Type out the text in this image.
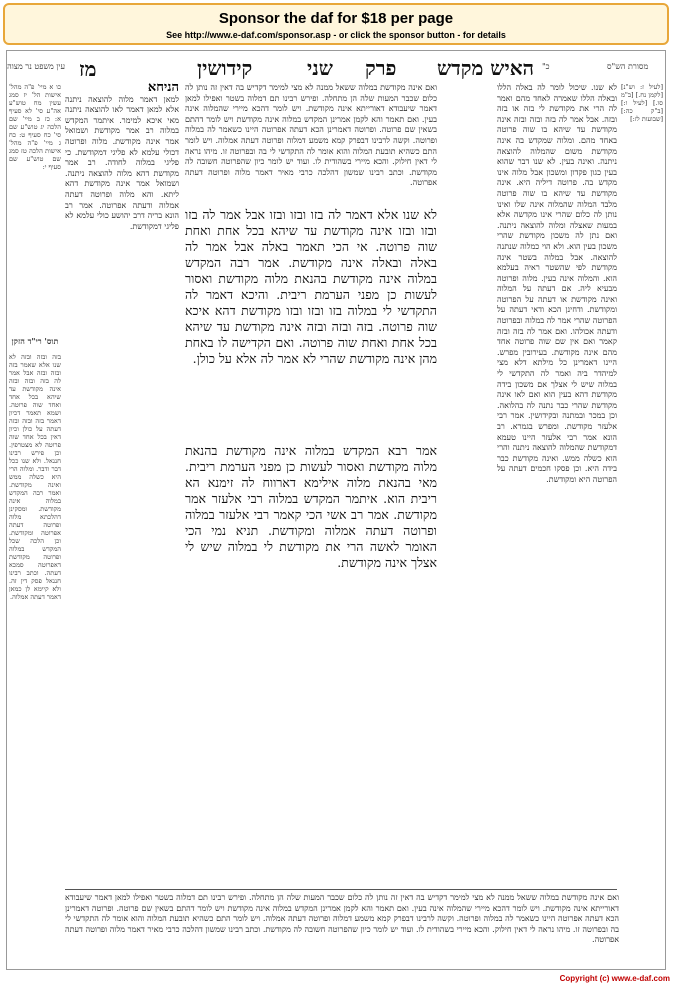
Sponsor the daf for $18 per page
See http://www.e-daf.com/sponsor.asp - or click the sponsor button - for details
עין משפט נר מצוה מז	קידושין	שני פרק האיש מקדש כ"	מסורת הש"ס
[לעיל ז: וש"נ] [לקמן נח.] [ב"מ סו.] [לעיל ו:] [ב"ק כה:] [שבועות לז:]
לא שנו. שיכול לומר לה באלה הללו ובאלה הללו שאמרה לאחד מהם ואמר לה הרי את מקודשת לי בזה או בזה ובזה. אבל אמר לה בזה ובזה ובזה אינה מקודשת עד שיהא בו שוה פרוטה באחד מהם. ומלוה שמקדש בה אינה מקודשת משום שהמלוה להוצאה ניתנה. ואינה בעין. לא שנו דבר שהוא בעין כגון פקדון ומשכון אבל מלוה אינו מקדש בה. פרוטה דיליה היא. אינה מקודשת עד שיהא בו שוה פרוטה מלבד המלוה שהמלוה אינה שלו ואינו נותן לה כלום שהרי אינו מקדשה אלא במעות שאצלה ומלוה להוצאה ניתנה. ואם נתן לה משכון מקודשת שהרי משכון בעין הוא. ולא הוי כמלוה שנתנה להוצאה. אבל במלוה בשטר אינה מקודשת לפי שהשטר ראיה בעלמא הוא. והמלוה אינה בעין. מלוה ופרוטה מבעיא ליה. אם דעתה על המלוה ואינה מקודשת או דעתה על הפרוטה ומקודשת. ודחינן הכא ודאי דעתה על הפרוטה שהרי אמר לה במלוה ובפרוטה ודעתה אכולהו. ואם אמר לה בזה ובזה קאמר ואם אין שם שוה פרוטה אחד מהם אינה מקודשת. בעירובין מפרש. היינו דאמרינן כל מילתא דלא מצי למיהדר ביה ואמר לה התקדשי לי במלוה שיש לי אצלך אם משכון בידה מקודשת דהא בעין הוא ואם לאו אינה מקודשת שהרי כבר נתנה לה בהלואה. וכן במכר ובמתנה ובקידושין. אמר רבי אלעזר מקודשת. ומפרש בגמרא. רב הונא אמר רבי אלעזר היינו טעמא דמקודשת שהמלוה להוצאה ניתנה והרי הוא כשלה ממש. ואינה מקודשת כבר בידה היא. וכן פסקו חכמים דעתה על הפרוטה היא ומקודשת.
ואם אינה מקודשת במלוה ששאל ממנה לא מצי למימר דקדיש בה דאין זה נותן לה כלום שכבר המעות שלה הן מתחלה. ופירש רבינו תם דמלוה בשטר ואפילו למאן דאמר שיעבודא דאורייתא אינה מקודשת. ויש לומר דהכא מיירי שהמלוה אינה בעין. ואם תאמר והא לקמן אמרינן המקדש במלוה אינה מקודשת ויש לומר דהתם בשאין שם פרוטה. ופרוטה דאמרינן הכא דעתה אפרוטה היינו כשאמר לה במלוה ופרוטה. וקשה לרבינו דבפרק קמא משמע דמלוה ופרוטה דעתה אמלוה. ויש לומר התם כשהיא תובעת המלוה והוא אומר לה התקדשי לי בה ובפרוטה זו. מיהו נראה לי דאין חילוק. והכא מיירי בשהודית לו. ועוד יש לומר כיון שהפרוטה חשובה לה מקודשת. וכתב רבינו שמשון דהלכה כרבי מאיר דאמר מלוה ופרוטה דעתה אפרוטה.
לא שנו אלא דאמר לה בזו ובזו ובזו אבל אמר לה בזו ובזו ובזו אינה מקודשת עד שיהא בכל אחת ואחת שוה פרוטה. אי הכי תאמר באלה אבל אמר לה באלה ובאלה אינה מקודשת. אמר רבה המקדש במלוה אינה מקודשת בהנאת מלוה מקודשת ואסור לעשות כן מפני הערמת ריבית. והיכא דאמר לה התקדשי לי במלוה בזו ובזו ובזו מקודשת דהא איכא שוה פרוטה. בזה ובזה ובזה אינה מקודשת עד שיהא בכל אחת ואחת שוה פרוטה. ואם הקדישה לו באחת מהן אינה מקודשת שהרי לא אמר לה אלא על כולן.
אמר רבא המקדש במלוה אינה מקודשת בהנאת מלוה מקודשת ואסור לעשות כן מפני הערמת ריבית. מאי בהנאת מלוה אילימא דארווח לה זימנא הא ריבית הוא. איתמר המקדש במלוה רבי אלעזר אמר מקודשת. אמר רב אשי הכי קאמר רבי אלעזר במלוה ופרוטה דעתה אמלוה ומקודשת. תניא נמי הכי האומר לאשה הרי את מקודשת לי במלוה שיש לי אצלך אינה מקודשת.
הניחא
למאן דאמר מלוה להוצאה ניתנה אלא למאן דאמר לאו להוצאה ניתנה מאי איכא למימר. איתמר המקדש במלוה רב אמר מקודשת ושמואל אמר אינה מקודשת. מלוה ופרוטה דכולי עלמא לא פליגי דמקודשת. כי פליגי במלוה לחודה. רב אמר מקודשת דהא מלוה להוצאה ניתנה. ושמואל אמר אינה מקודשת דהא ליתא. והא מלוה ופרוטה דעתה אמלוה ודעתה אפרוטה. אמר רב הונא בריה דרב יהושע כולי עלמא לא פליגי דמקודשת.
ואם אינה מקודשת במלוה ששאל ממנה לא מצי למימר דקדיש בה דאין זה נותן לה כלום שכבר המעות שלה הן מתחלה. ופירש רבינו תם דמלוה בשטר ואפילו למאן דאמר שיעבודא דאורייתא אינה מקודשת. ויש לומר דהכא מיירי שהמלוה אינה בעין. ואם תאמר והא לקמן אמרינן המקדש במלוה אינה מקודשת ויש לומר דהתם בשאין שם פרוטה. ופרוטה דאמרינן הכא דעתה אפרוטה היינו כשאמר לה במלוה ופרוטה. וקשה לרבינו דבפרק קמא משמע דמלוה ופרוטה דעתה אמלוה. ויש לומר התם כשהיא תובעת המלוה והוא אומר לה התקדשי לי בה ובפרוטה זו. מיהו נראה לי דאין חילוק. והכא מיירי בשהודית לו. ועוד יש לומר כיון שהפרוטה חשובה לה מקודשת. וכתב רבינו שמשון דהלכה כרבי מאיר דאמר מלוה ופרוטה דעתה אפרוטה.
כו א מיי' פ"ה מהל' אישות הל' יז סמג עשין מח טוש"ע אה"ע סי' לא סעיף א: כז ב מיי' שם הלכה יג טוש"ע שם סי' כח סעיף ט: כח ג מיי' פ"ה מהל' אישות הלכה טז סמג שם טוש"ע שם סעיף י:
תוס' רי"ד הזקן
בזה ובזה ובזה לא שנו אלא שאמר בזה ובזה ובזה אבל אמר לה בזה ובזה ובזה אינה מקודשת עד שיהא בכל אחד ואחד שוה פרוטה. ושמא תאמר דכיון דאמר בזה ובזה ובזה דעתה על כולן וכיון דאין בכל אחד שוה פרוטה לא מצטרפין. וכן פירש רבינו חננאל. ולא שנו ככל דבר ודבר. ומלוה הרי היא כשלה ממש ואינה מקודשת. ואמר רבה המקדש במלוה אינה מקודשת. ומסקינן דהלכתא מלוה ופרוטה דעתה אפרוטה ומקודשת. וכן הלכה שכל המקדש במלוה ופרוטה מקודשת דאפרוטה סמכא דעתה. וכתב רבינו חננאל פסק דין זה. ולא קיימא לן כמאן דאמר דעתה אמלוה.
Copyright (c) www.e-daf.com
